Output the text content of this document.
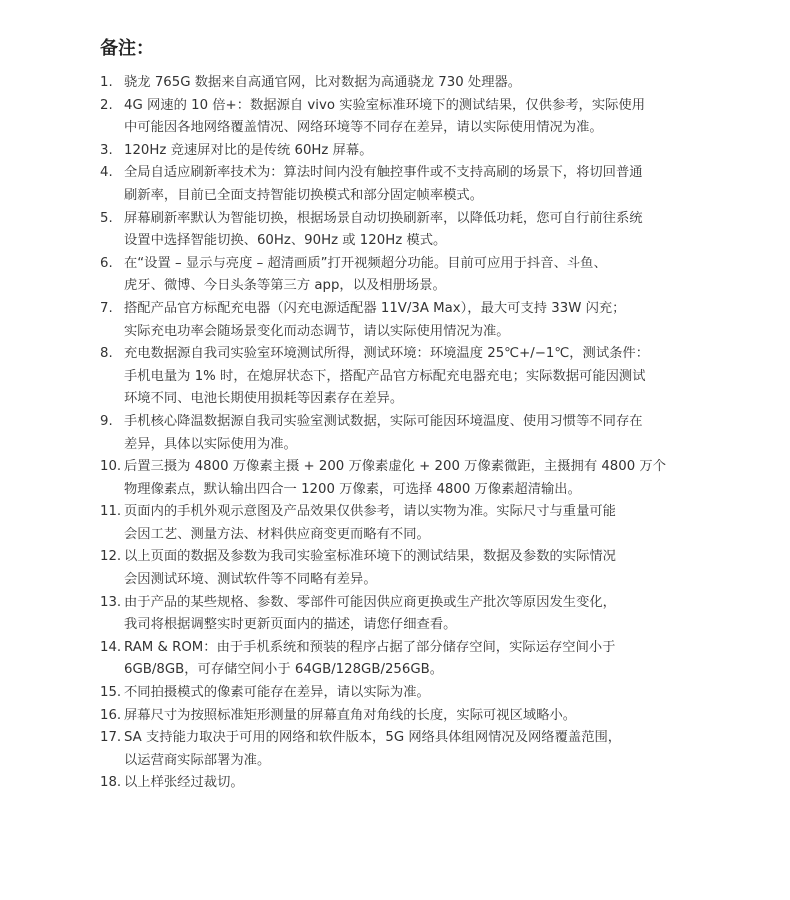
备注：
1. 骁龙 765G 数据来自高通官网，比对数据为高通骁龙 730 处理器。
2. 4G 网速的 10 倍+：数据源自 vivo 实验室标准环境下的测试结果，仅供参考，实际使用
中可能因各地网络覆盖情况、网络环境等不同存在差异，请以实际使用情况为准。
3. 120Hz 竞速屏对比的是传统 60Hz 屏幕。
4. 全局自适应刷新率技术为：算法时间内没有触控事件或不支持高刷的场景下，将切回普通
刷新率，目前已全面支持智能切换模式和部分固定帧率模式。
5. 屏幕刷新率默认为智能切换，根据场景自动切换刷新率，以降低功耗，您可自行前往系统
设置中选择智能切换、60Hz、90Hz 或 120Hz 模式。
6. 在“设置 – 显示与亮度 – 超清画质”打开视频超分功能。目前可应用于抖音、斗鱼、
虎牙、微博、今日头条等第三方 app，以及相册场景。
7. 搭配产品官方标配充电器（闪充电源适配器 11V/3A Max），最大可支持 33W 闪充；
实际充电功率会随场景变化而动态调节，请以实际使用情况为准。
8. 充电数据源自我司实验室环境测试所得，测试环境：环境温度 25℃+/−1℃，测试条件：
手机电量为 1% 时，在熄屏状态下，搭配产品官方标配充电器充电；实际数据可能因测试
环境不同、电池长期使用损耗等因素存在差异。
9. 手机核心降温数据源自我司实验室测试数据，实际可能因环境温度、使用习惯等不同存在
差异，具体以实际使用为准。
10. 后置三摄为 4800 万像素主摄 + 200 万像素虚化 + 200 万像素微距，主摄拥有 4800 万个
物理像素点，默认输出四合一 1200 万像素，可选择 4800 万像素超清输出。
11. 页面内的手机外观示意图及产品效果仅供参考，请以实物为准。实际尺寸与重量可能
会因工艺、测量方法、材料供应商变更而略有不同。
12. 以上页面的数据及参数为我司实验室标准环境下的测试结果，数据及参数的实际情况
会因测试环境、测试软件等不同略有差异。
13. 由于产品的某些规格、参数、零部件可能因供应商更换或生产批次等原因发生变化，
我司将根据调整实时更新页面内的描述，请您仔细查看。
14. RAM & ROM：由于手机系统和预装的程序占据了部分储存空间，实际运存空间小于
6GB/8GB，可存储空间小于 64GB/128GB/256GB。
15. 不同拍摄模式的像素可能存在差异，请以实际为准。
16. 屏幕尺寸为按照标准矩形测量的屏幕直角对角线的长度，实际可视区域略小。
17. SA 支持能力取决于可用的网络和软件版本，5G 网络具体组网情况及网络覆盖范围，
以运营商实际部署为准。
18. 以上样张经过裁切。
